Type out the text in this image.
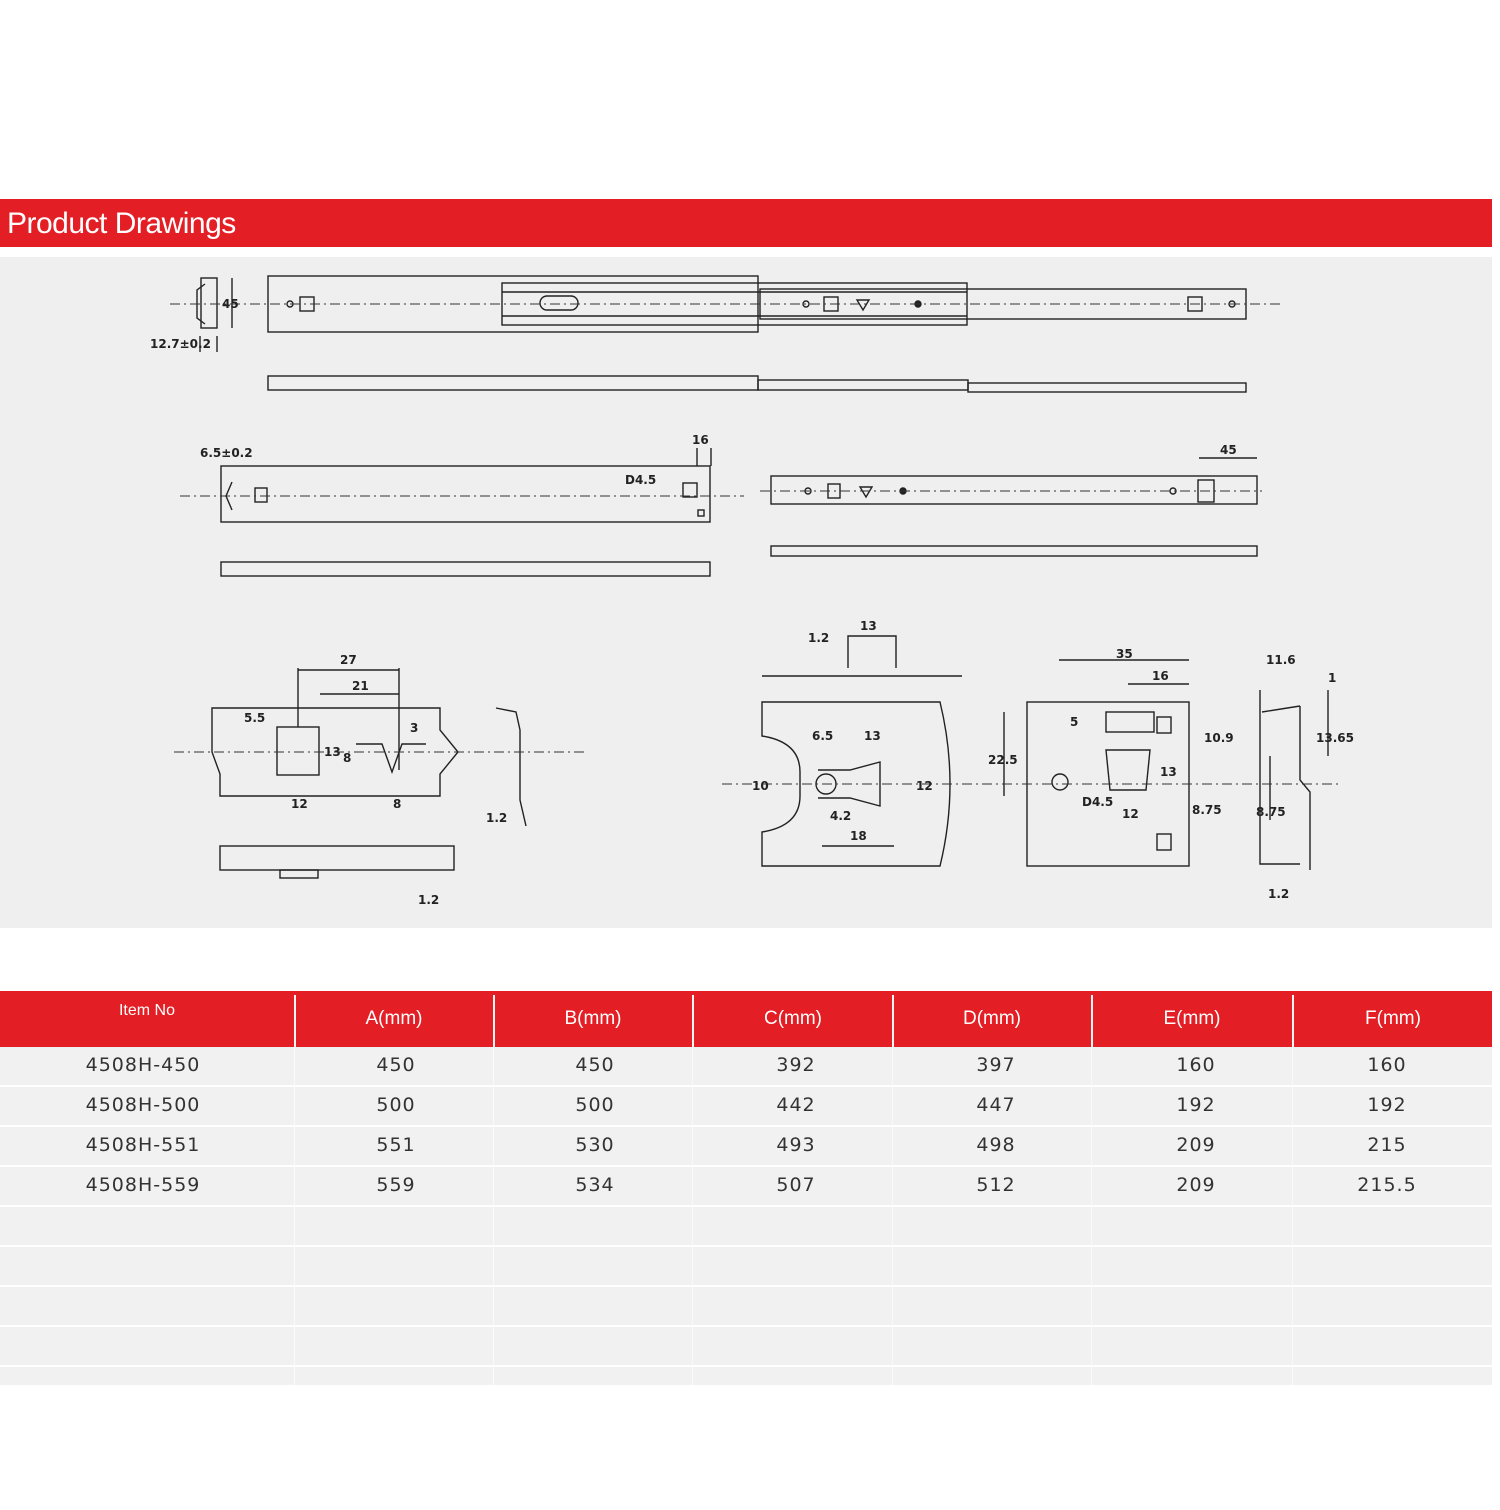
Product Drawings
12.7±0.2
45
6.5±0.2
16
D4.5
45
27
21
5.5
13 8
3
12	8
1.2
1.2
1.2
13
6.5	13
10	12
4.2
18
35
16
5
22.5
10.9
13
8.75
D4.5
12
11.6
1
13.65
8.75
1.2
Item No	A(mm)	B(mm)	C(mm)	D(mm)	E(mm)	F(mm)
4508H-450	450	450	392	397	160	160
4508H-500	500	500	442	447	192	192
4508H-551	551	530	493	498	209	215
4508H-559	559	534	507	512	209	215.5
